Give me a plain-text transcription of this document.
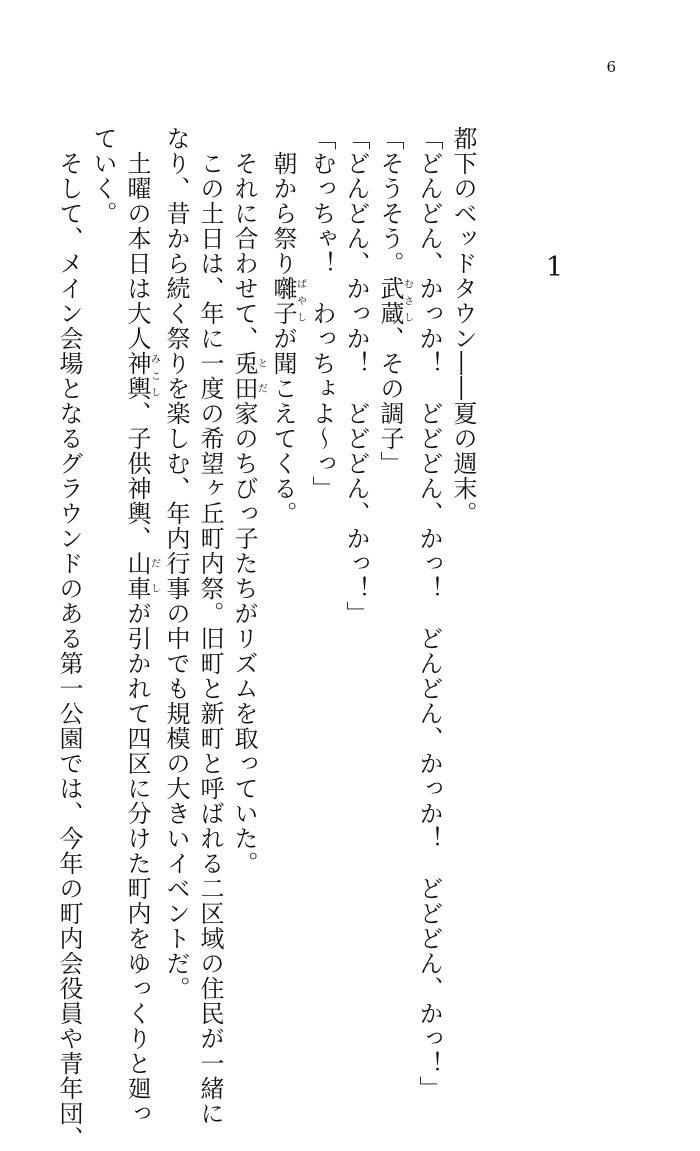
6
1
都下のベッドタウン――夏の週末。
「どんどん、かっか！　どどどん、かっ！　どんどん、かっか！　どどどん、かっ！」
「そうそう。武蔵むさし、その調子」
「どんどん、かっか！　どどどん、かっ！」
「むっちゃ！　わっちょよ〜っ」
　朝から祭り囃子ばやしが聞こえてくる。
　それに合わせて、兎田とだ家のちびっ子たちがリズムを取っていた。
　この土日は、年に一度の希望ヶ丘町内祭。旧町と新町と呼ばれる二区域の住民が一緒に
なり、昔から続く祭りを楽しむ、年内行事の中でも規模の大きいイベントだ。
　土曜の本日は大人神輿みこし、子供神輿、山車だしが引かれて四区に分けた町内をゆっくりと廻っ
ていく。
　そして、メイン会場となるグラウンドのある第一公園では、今年の町内会役員や青年団、
